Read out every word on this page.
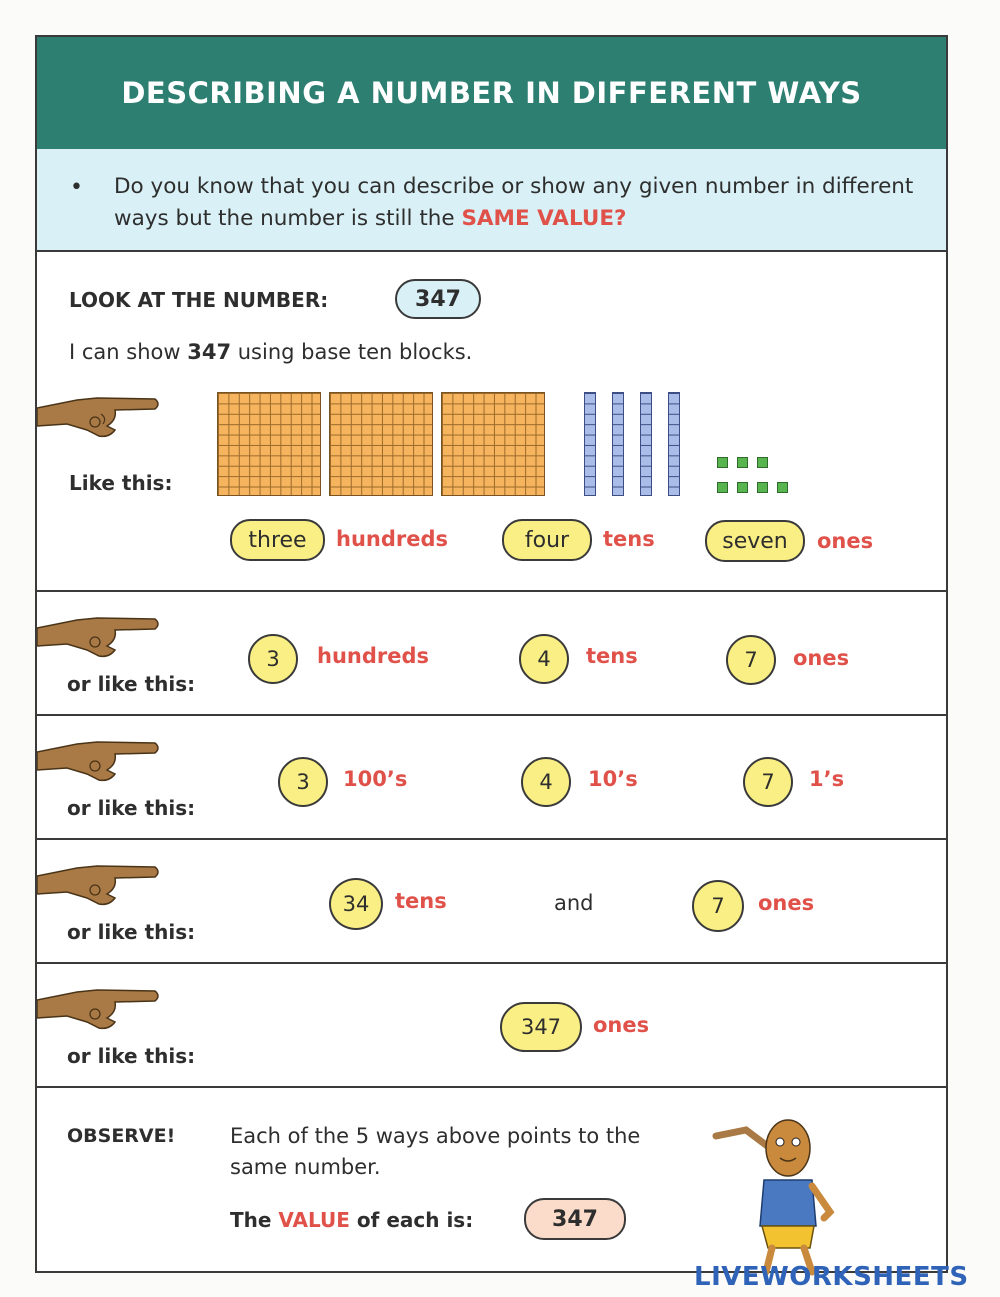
DESCRIBING A NUMBER IN DIFFERENT WAYS
• Do you know that you can describe or show any given number in different ways but the number is still the SAME VALUE?
LOOK AT THE NUMBER:	347
I can show 347 using base ten blocks.
Like this:
three	hundreds	four	tens	seven	ones
or like this:
3	hundreds	4	tens	7	ones
or like this:
3	100’s	4	10’s	7	1’s
or like this:
34	tens	and	7	ones
or like this:
347	ones
OBSERVE!	Each of the 5 ways above points to the same number.
The VALUE of each is:	347
LIVEWORKSHEETS
